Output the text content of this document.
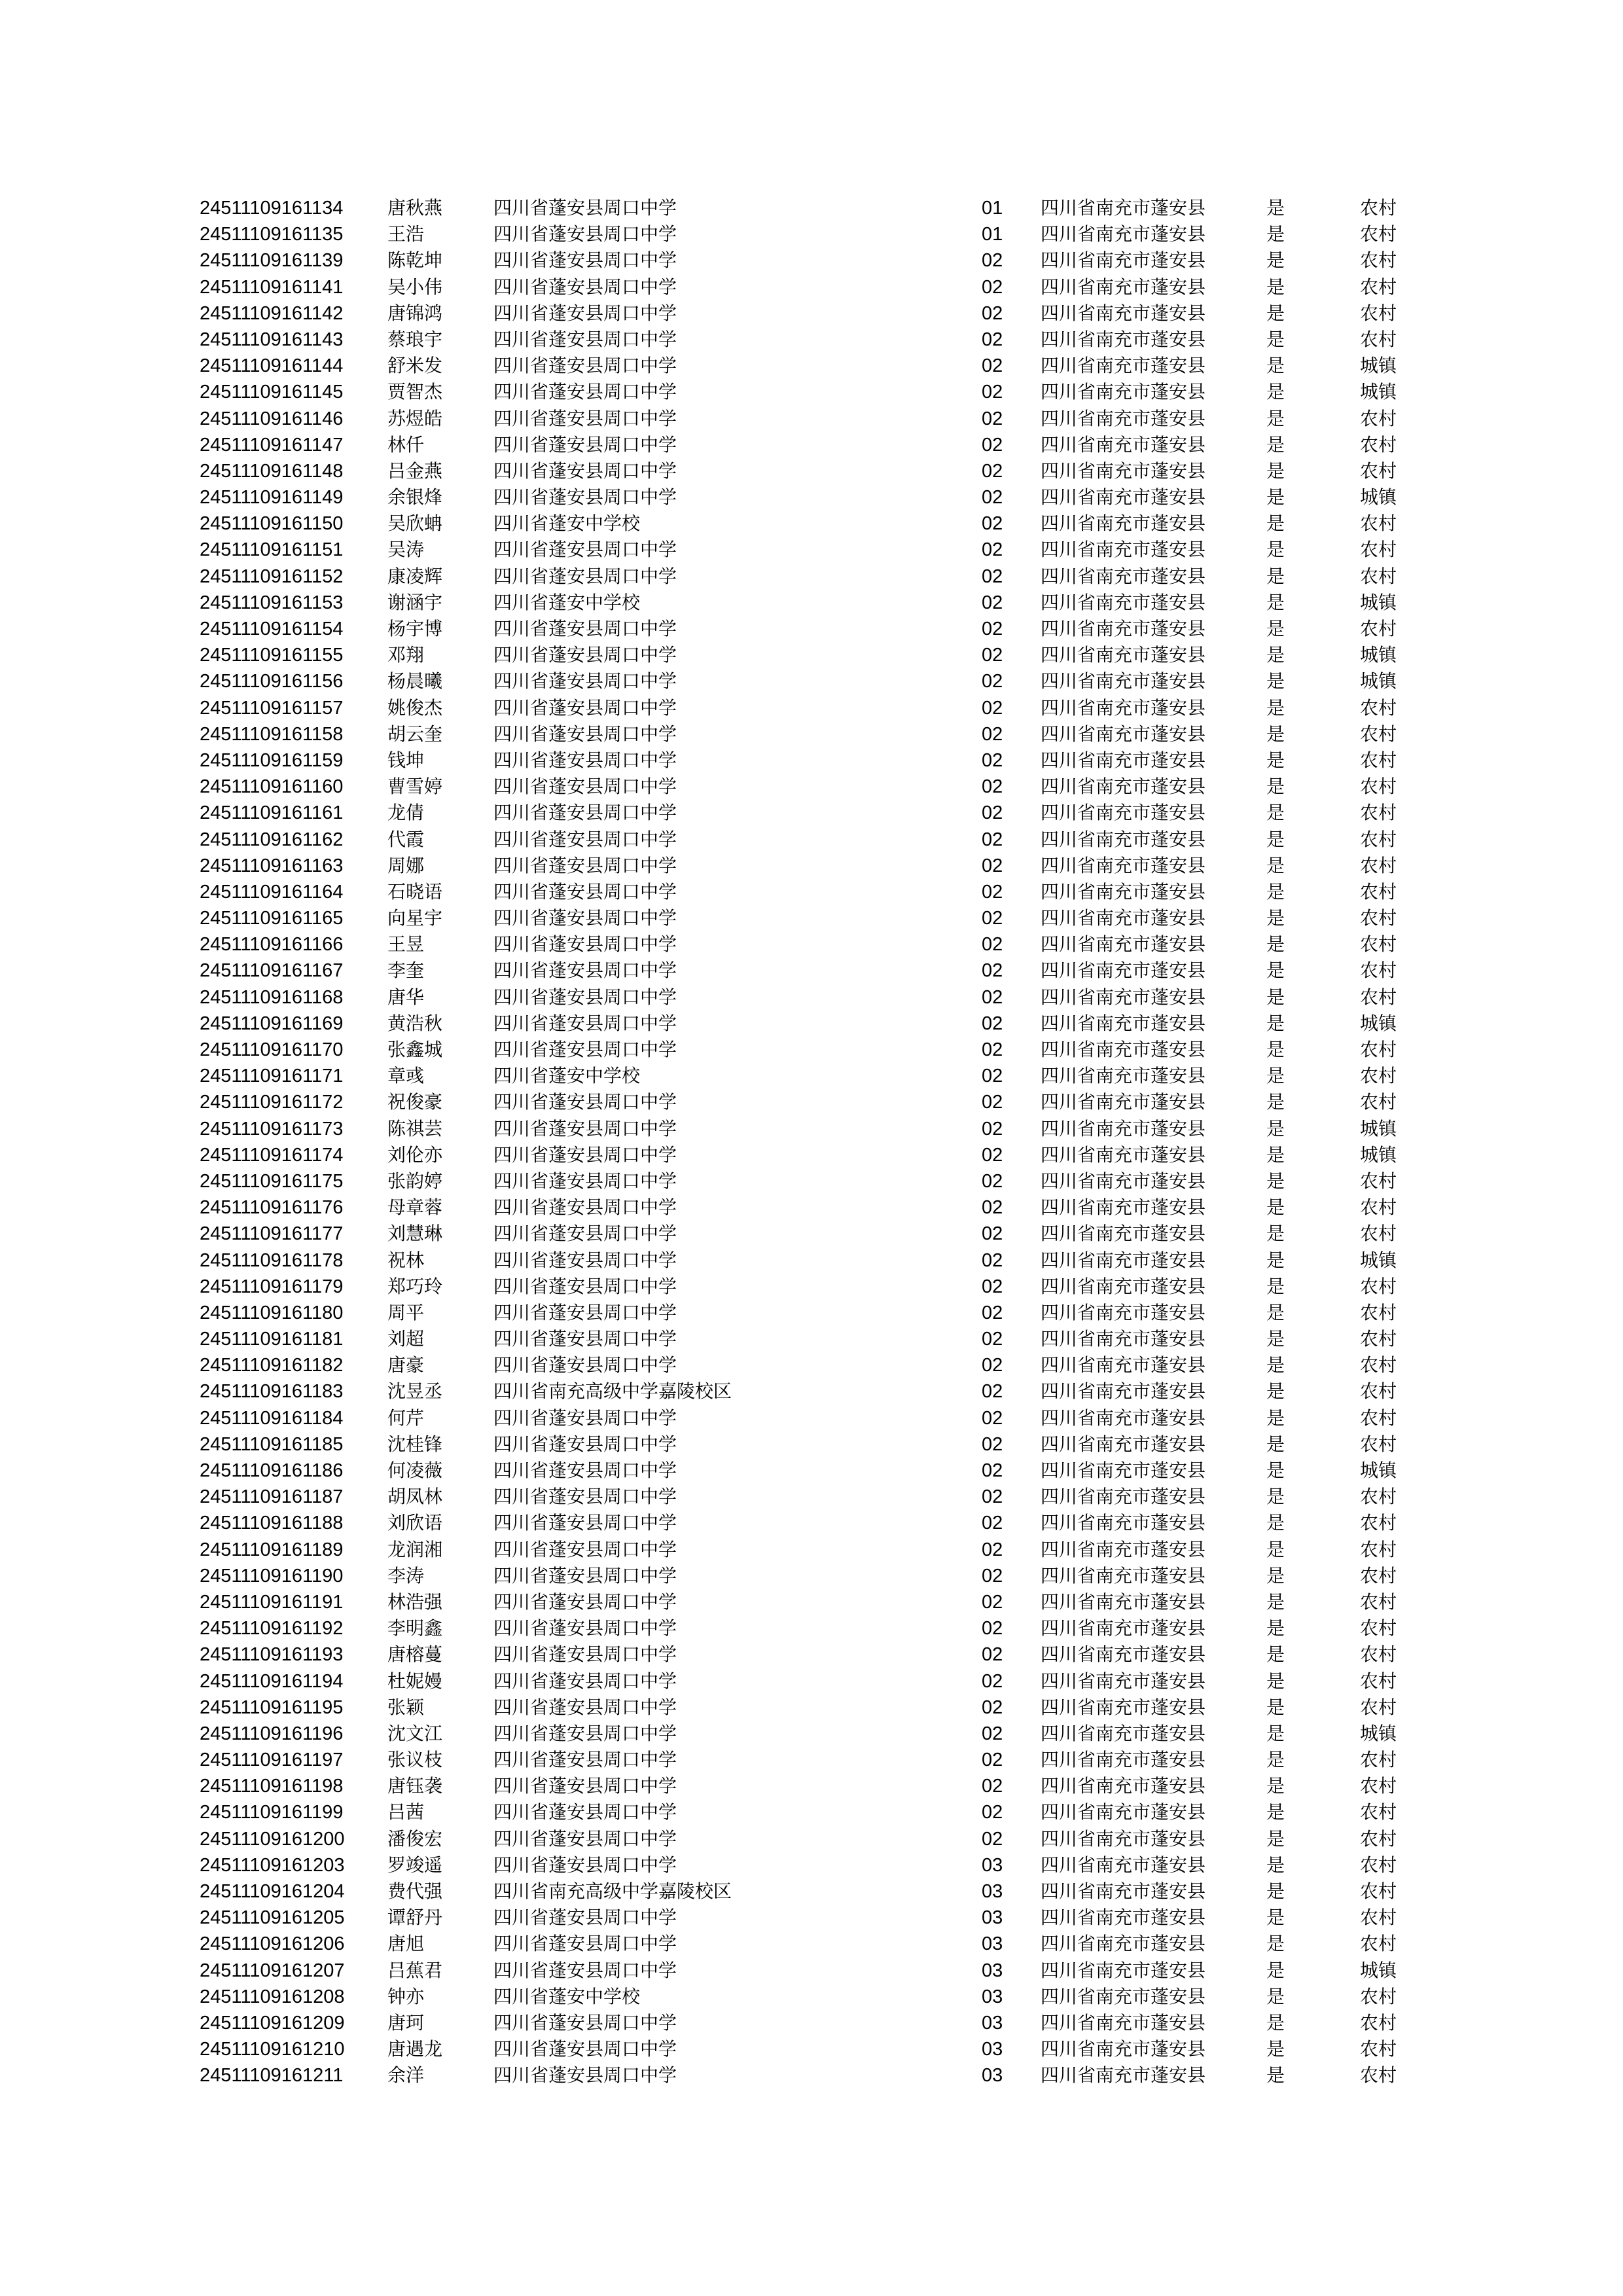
24511109161134 唐秋燕	四川省蓬安县周口中学	01 四川省南充市蓬安县	是	农村
24511109161135 王浩	四川省蓬安县周口中学	01 四川省南充市蓬安县	是	农村
24511109161139 陈乾坤	四川省蓬安县周口中学	02 四川省南充市蓬安县	是	农村
24511109161141 吴小伟	四川省蓬安县周口中学	02 四川省南充市蓬安县	是	农村
24511109161142 唐锦鸿	四川省蓬安县周口中学	02 四川省南充市蓬安县	是	农村
24511109161143 蔡琅宇	四川省蓬安县周口中学	02 四川省南充市蓬安县	是	农村
24511109161144 舒米发	四川省蓬安县周口中学	02 四川省南充市蓬安县	是	城镇
24511109161145 贾智杰	四川省蓬安县周口中学	02 四川省南充市蓬安县	是	城镇
24511109161146 苏煜皓	四川省蓬安县周口中学	02 四川省南充市蓬安县	是	农村
24511109161147 林仟	四川省蓬安县周口中学	02 四川省南充市蓬安县	是	农村
24511109161148 吕金燕	四川省蓬安县周口中学	02 四川省南充市蓬安县	是	农村
24511109161149 余银烽	四川省蓬安县周口中学	02 四川省南充市蓬安县	是	城镇
24511109161150 吴欣蚺	四川省蓬安中学校	02 四川省南充市蓬安县	是	农村
24511109161151 吴涛	四川省蓬安县周口中学	02 四川省南充市蓬安县	是	农村
24511109161152 康凌辉	四川省蓬安县周口中学	02 四川省南充市蓬安县	是	农村
24511109161153 谢涵宇	四川省蓬安中学校	02 四川省南充市蓬安县	是	城镇
24511109161154 杨宇博	四川省蓬安县周口中学	02 四川省南充市蓬安县	是	农村
24511109161155 邓翔	四川省蓬安县周口中学	02 四川省南充市蓬安县	是	城镇
24511109161156 杨晨曦	四川省蓬安县周口中学	02 四川省南充市蓬安县	是	城镇
24511109161157 姚俊杰	四川省蓬安县周口中学	02 四川省南充市蓬安县	是	农村
24511109161158 胡云奎	四川省蓬安县周口中学	02 四川省南充市蓬安县	是	农村
24511109161159 钱坤	四川省蓬安县周口中学	02 四川省南充市蓬安县	是	农村
24511109161160 曹雪婷	四川省蓬安县周口中学	02 四川省南充市蓬安县	是	农村
24511109161161 龙倩	四川省蓬安县周口中学	02 四川省南充市蓬安县	是	农村
24511109161162 代霞	四川省蓬安县周口中学	02 四川省南充市蓬安县	是	农村
24511109161163 周娜	四川省蓬安县周口中学	02 四川省南充市蓬安县	是	农村
24511109161164 石晓语	四川省蓬安县周口中学	02 四川省南充市蓬安县	是	农村
24511109161165 向星宇	四川省蓬安县周口中学	02 四川省南充市蓬安县	是	农村
24511109161166 王昱	四川省蓬安县周口中学	02 四川省南充市蓬安县	是	农村
24511109161167 李奎	四川省蓬安县周口中学	02 四川省南充市蓬安县	是	农村
24511109161168 唐华	四川省蓬安县周口中学	02 四川省南充市蓬安县	是	农村
24511109161169 黄浩秋	四川省蓬安县周口中学	02 四川省南充市蓬安县	是	城镇
24511109161170 张鑫城	四川省蓬安县周口中学	02 四川省南充市蓬安县	是	农村
24511109161171 章彧	四川省蓬安中学校	02 四川省南充市蓬安县	是	农村
24511109161172 祝俊豪	四川省蓬安县周口中学	02 四川省南充市蓬安县	是	农村
24511109161173 陈祺芸	四川省蓬安县周口中学	02 四川省南充市蓬安县	是	城镇
24511109161174 刘伦亦	四川省蓬安县周口中学	02 四川省南充市蓬安县	是	城镇
24511109161175 张韵婷	四川省蓬安县周口中学	02 四川省南充市蓬安县	是	农村
24511109161176 母章蓉	四川省蓬安县周口中学	02 四川省南充市蓬安县	是	农村
24511109161177 刘慧琳	四川省蓬安县周口中学	02 四川省南充市蓬安县	是	农村
24511109161178 祝林	四川省蓬安县周口中学	02 四川省南充市蓬安县	是	城镇
24511109161179 郑巧玲	四川省蓬安县周口中学	02 四川省南充市蓬安县	是	农村
24511109161180 周平	四川省蓬安县周口中学	02 四川省南充市蓬安县	是	农村
24511109161181 刘超	四川省蓬安县周口中学	02 四川省南充市蓬安县	是	农村
24511109161182 唐豪	四川省蓬安县周口中学	02 四川省南充市蓬安县	是	农村
24511109161183 沈昱丞	四川省南充高级中学嘉陵校区	02 四川省南充市蓬安县	是	农村
24511109161184 何芹	四川省蓬安县周口中学	02 四川省南充市蓬安县	是	农村
24511109161185 沈桂锋	四川省蓬安县周口中学	02 四川省南充市蓬安县	是	农村
24511109161186 何凌薇	四川省蓬安县周口中学	02 四川省南充市蓬安县	是	城镇
24511109161187 胡凤林	四川省蓬安县周口中学	02 四川省南充市蓬安县	是	农村
24511109161188 刘欣语	四川省蓬安县周口中学	02 四川省南充市蓬安县	是	农村
24511109161189 龙润湘	四川省蓬安县周口中学	02 四川省南充市蓬安县	是	农村
24511109161190 李涛	四川省蓬安县周口中学	02 四川省南充市蓬安县	是	农村
24511109161191 林浩强	四川省蓬安县周口中学	02 四川省南充市蓬安县	是	农村
24511109161192 李明鑫	四川省蓬安县周口中学	02 四川省南充市蓬安县	是	农村
24511109161193 唐榕蔓	四川省蓬安县周口中学	02 四川省南充市蓬安县	是	农村
24511109161194 杜妮嫚	四川省蓬安县周口中学	02 四川省南充市蓬安县	是	农村
24511109161195 张颖	四川省蓬安县周口中学	02 四川省南充市蓬安县	是	农村
24511109161196 沈文江	四川省蓬安县周口中学	02 四川省南充市蓬安县	是	城镇
24511109161197 张议枝	四川省蓬安县周口中学	02 四川省南充市蓬安县	是	农村
24511109161198 唐钰袭	四川省蓬安县周口中学	02 四川省南充市蓬安县	是	农村
24511109161199 吕茜	四川省蓬安县周口中学	02 四川省南充市蓬安县	是	农村
24511109161200 潘俊宏	四川省蓬安县周口中学	02 四川省南充市蓬安县	是	农村
24511109161203 罗竣遥	四川省蓬安县周口中学	03 四川省南充市蓬安县	是	农村
24511109161204 费代强	四川省南充高级中学嘉陵校区	03 四川省南充市蓬安县	是	农村
24511109161205 谭舒丹	四川省蓬安县周口中学	03 四川省南充市蓬安县	是	农村
24511109161206 唐旭	四川省蓬安县周口中学	03 四川省南充市蓬安县	是	农村
24511109161207 吕蕉君	四川省蓬安县周口中学	03 四川省南充市蓬安县	是	城镇
24511109161208 钟亦	四川省蓬安中学校	03 四川省南充市蓬安县	是	农村
24511109161209 唐珂	四川省蓬安县周口中学	03 四川省南充市蓬安县	是	农村
24511109161210 唐遇龙	四川省蓬安县周口中学	03 四川省南充市蓬安县	是	农村
24511109161211 余洋	四川省蓬安县周口中学	03 四川省南充市蓬安县	是	农村
